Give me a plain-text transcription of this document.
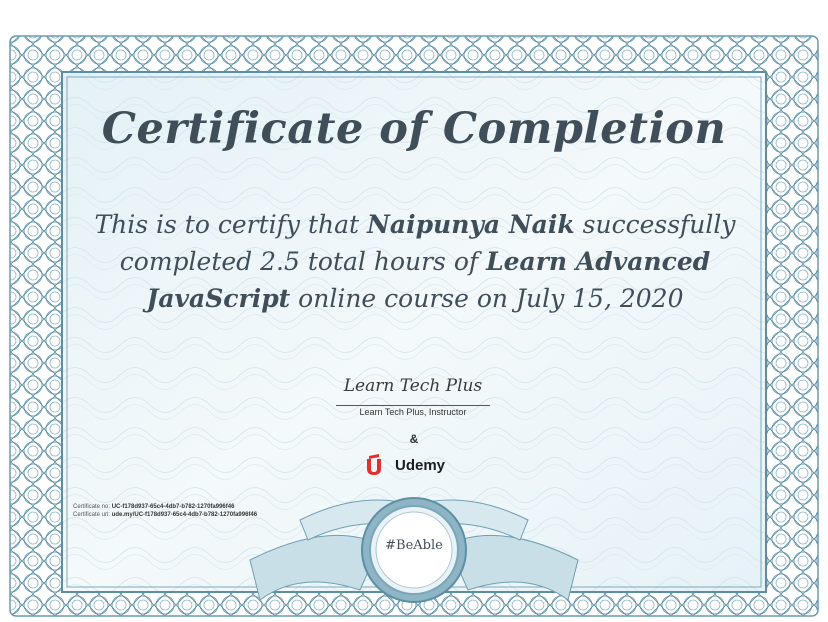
Certificate of Completion
This is to certify that Naipunya Naik successfully completed 2.5 total hours of Learn Advanced JavaScript online course on July 15, 2020
Learn Tech Plus
Learn Tech Plus, Instructor
&
Udemy
Certificate no: UC-f178d937-65c4-4db7-b782-1270fa996f46
Certificate url: ude.my/UC-f178d937-65c4-4db7-b782-1270fa996f46
#BeAble
